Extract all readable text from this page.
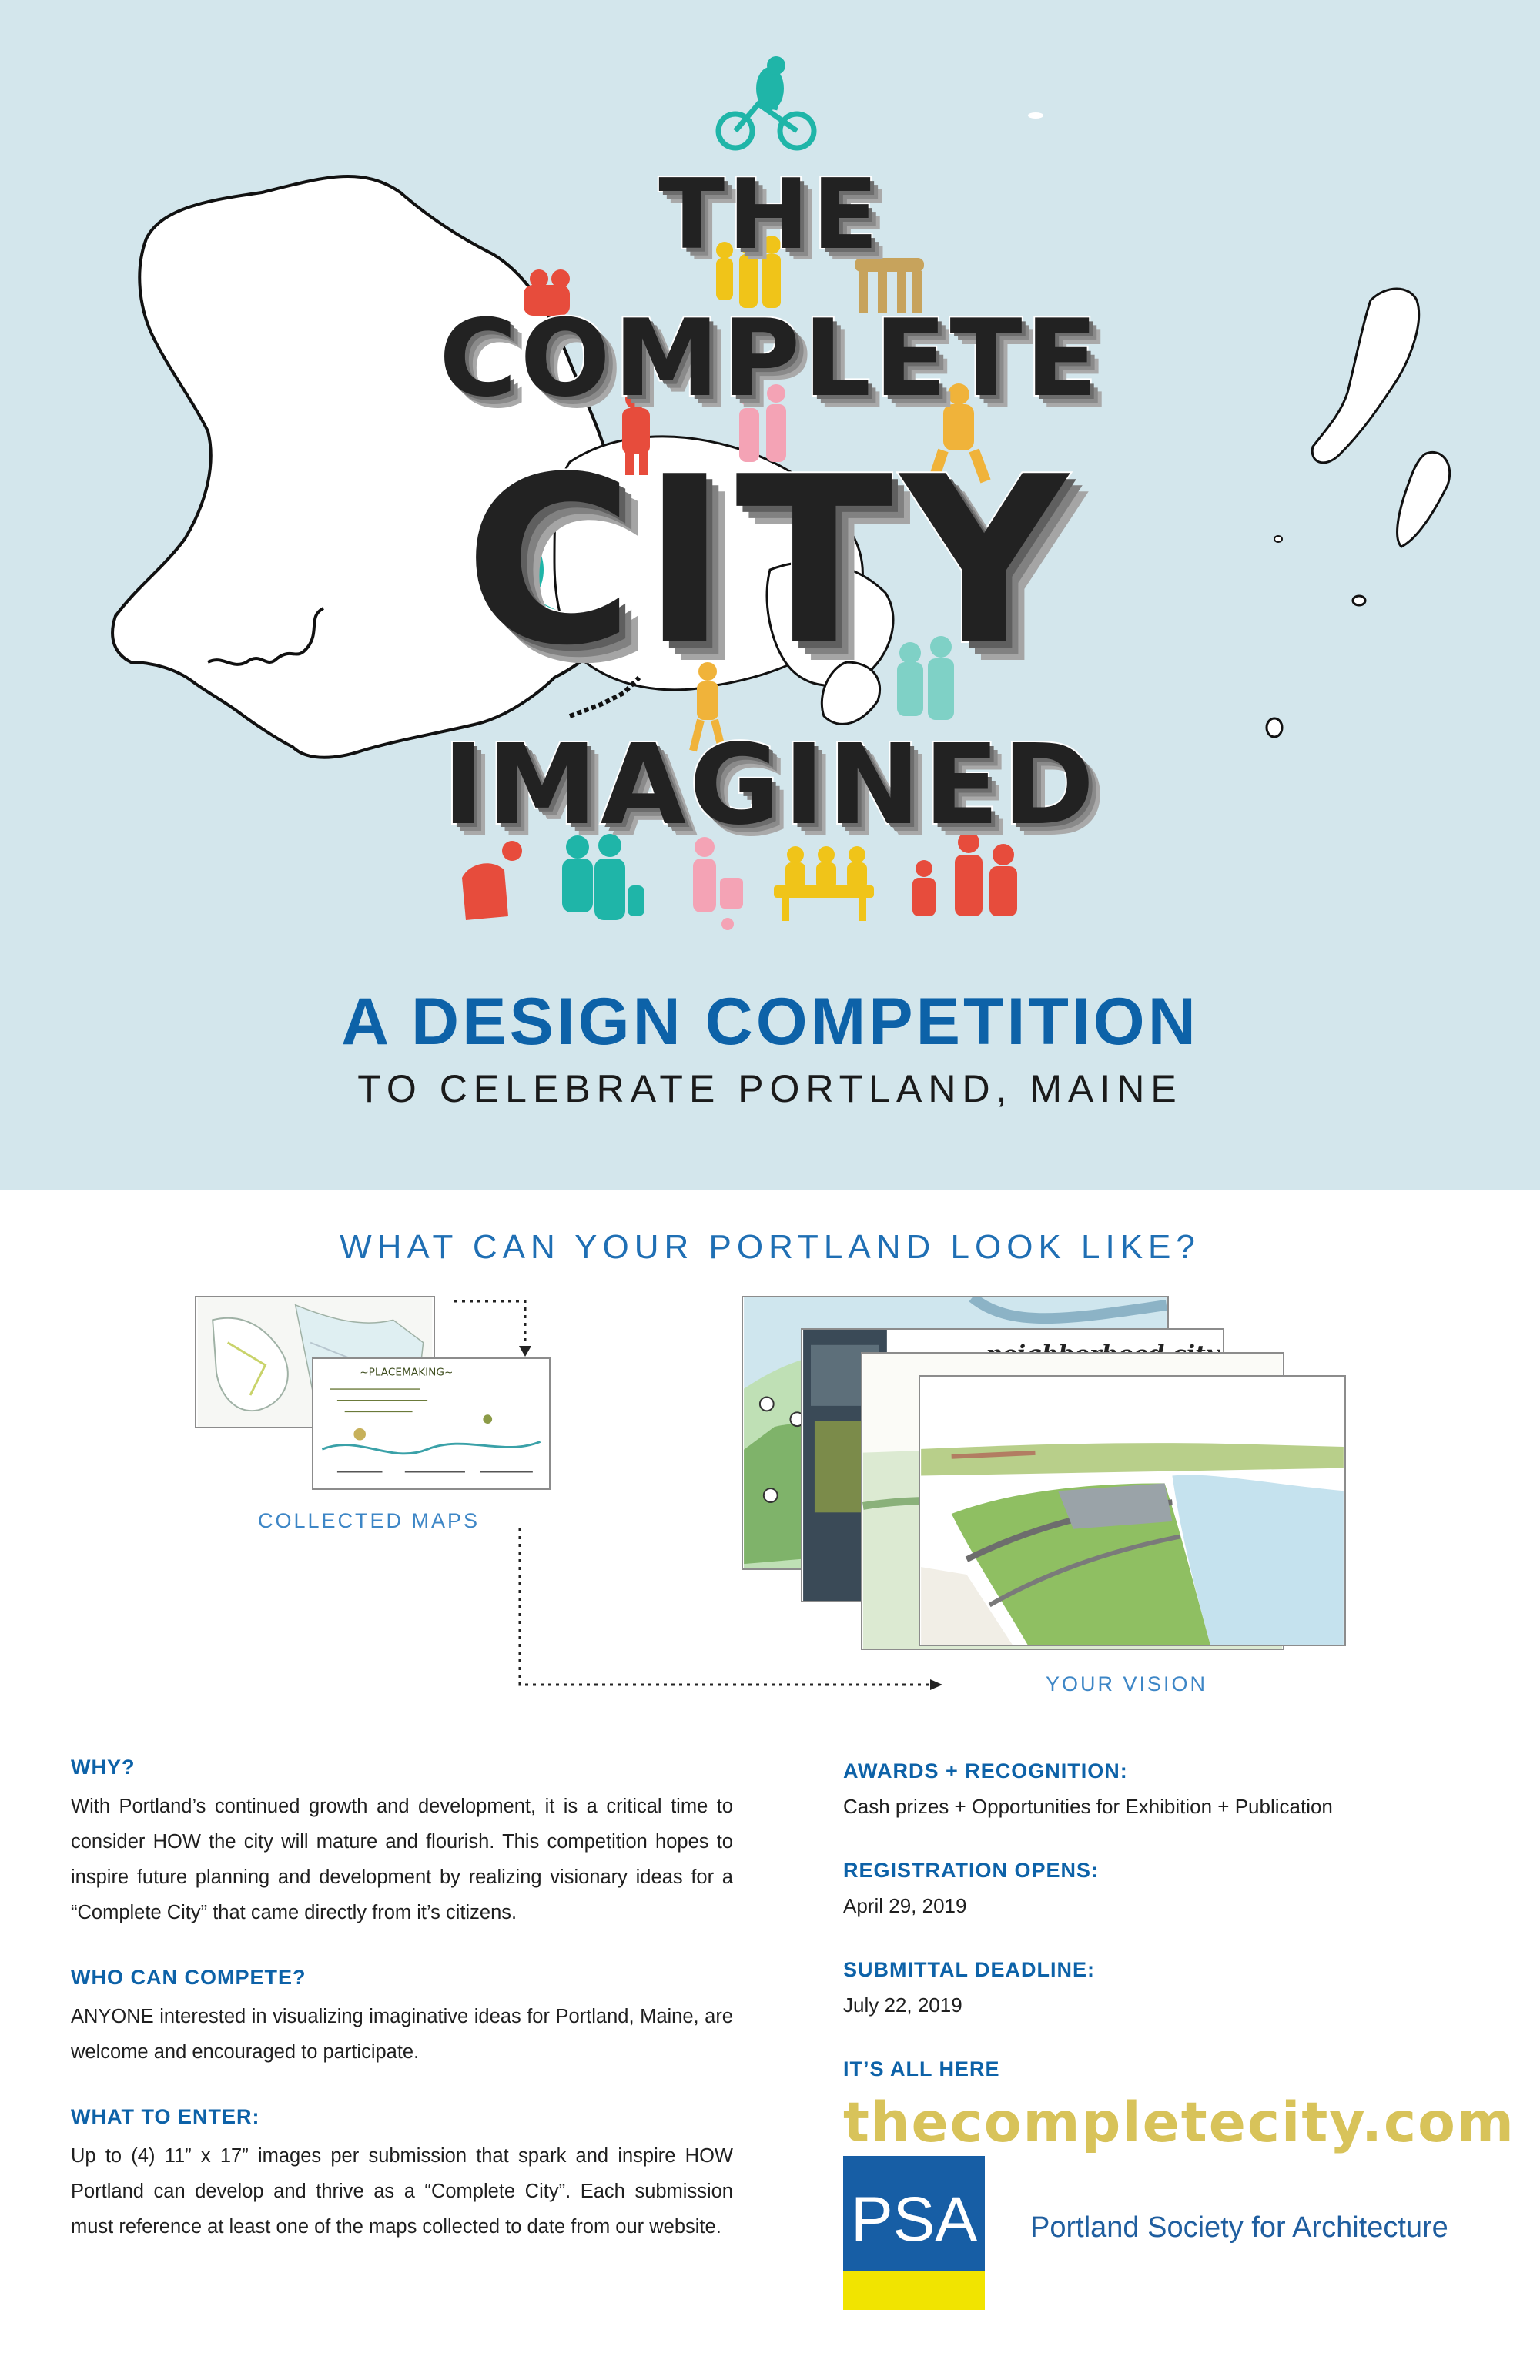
THE
COMPLETE
CITY
IMAGINED
A DESIGN COMPETITION
TO CELEBRATE PORTLAND, MAINE
WHAT CAN YOUR PORTLAND LOOK LIKE?
~PLACEMAKING~
COLLECTED MAPS
YOUR VISION
WHY?

With Portland’s continued growth and development, it is a critical time to consider HOW the city will mature and flourish. This competition hopes to inspire future planning and development by realizing visionary ideas for a “Complete City” that came directly from it’s citizens.

WHO CAN COMPETE?

ANYONE interested in visualizing imaginative ideas for Portland, Maine, are welcome and encouraged to participate.

WHAT TO ENTER:

Up to (4) 11” x 17” images per submission that spark and inspire HOW Portland can develop and thrive as a “Complete City”. Each submission must reference at least one of the maps collected to date from our website.

AWARDS + RECOGNITION:

Cash prizes + Opportunities for Exhibition + Publication

REGISTRATION OPENS:

April 29, 2019

SUBMITTAL DEADLINE:

July 22, 2019

IT’S ALL HERE
thecompletecity.com
PSA Portland Society for Architecture
